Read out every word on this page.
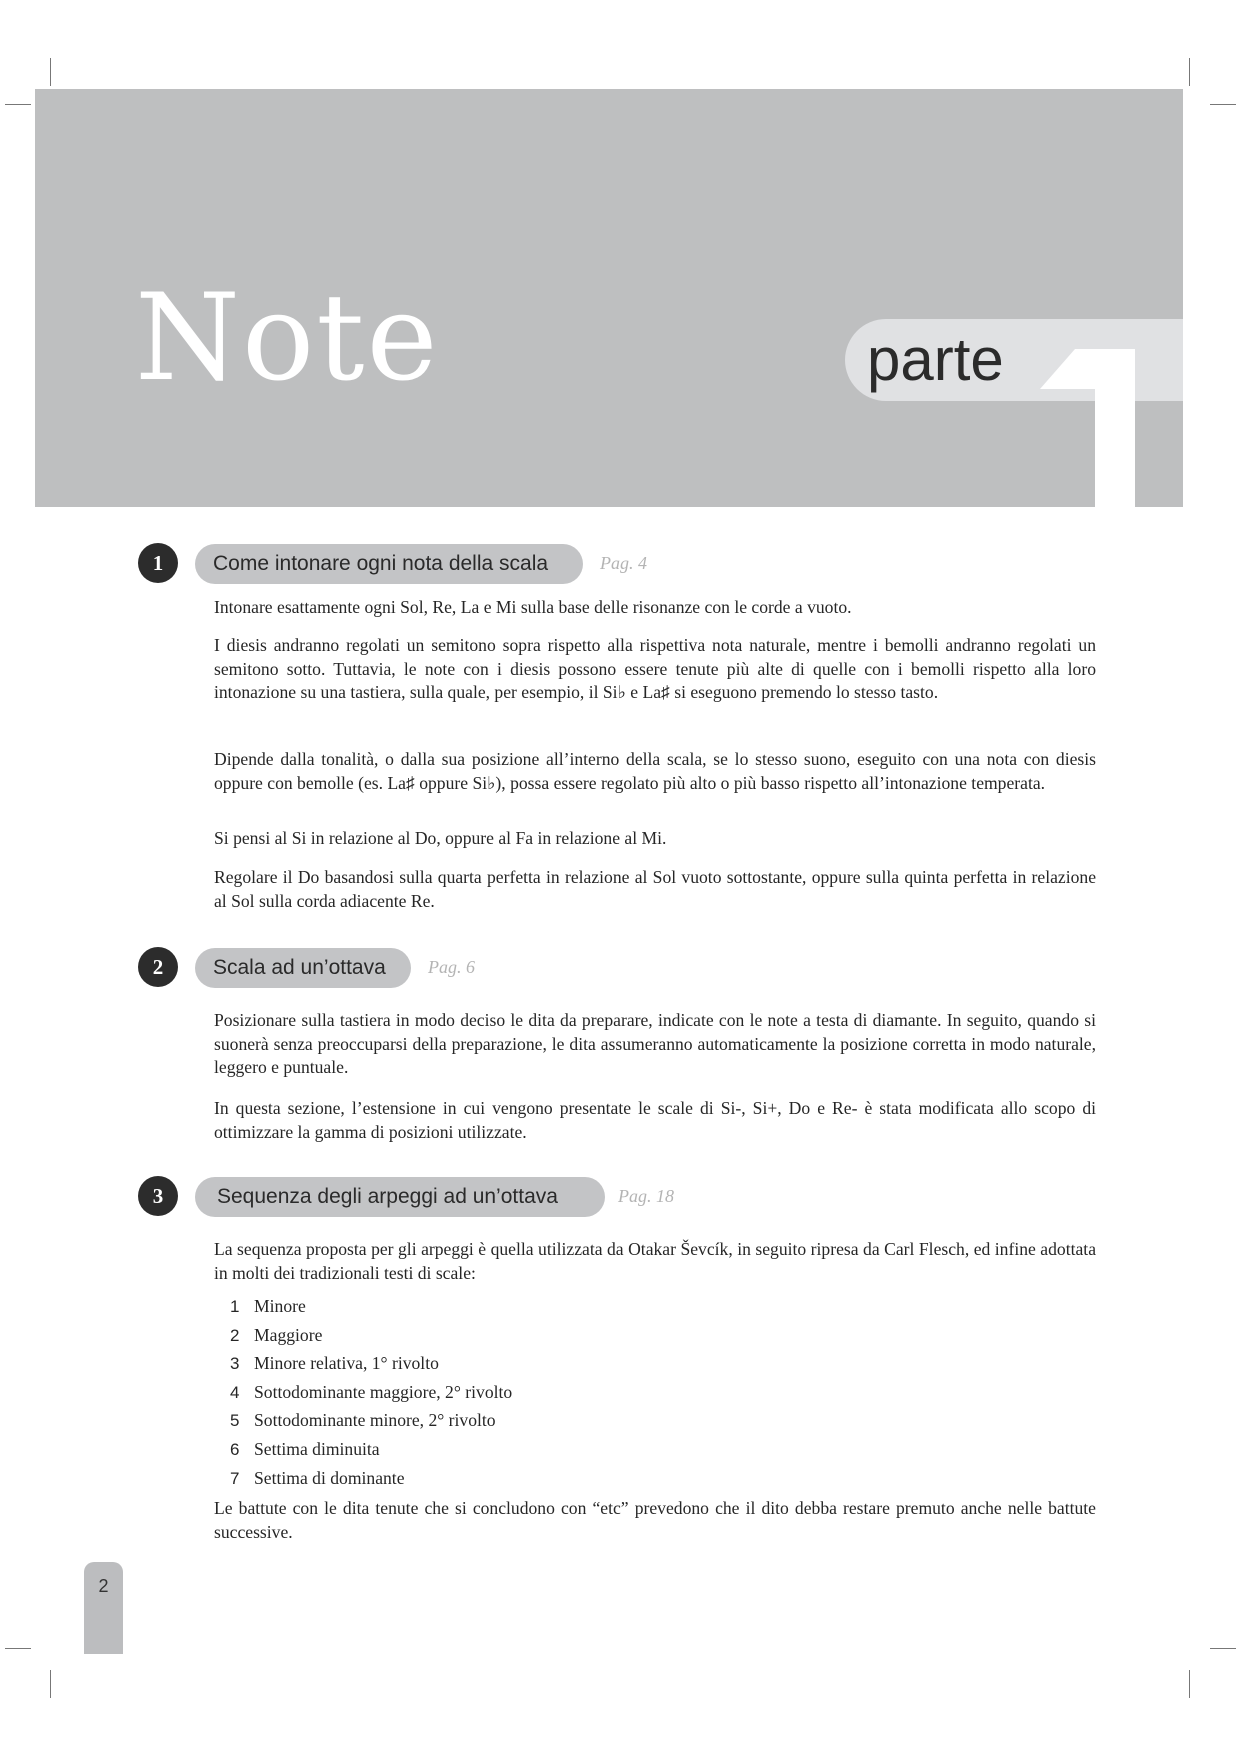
Note	parte
1	Come intonare ogni nota della scala	Pag. 4

Intonare esattamente ogni Sol, Re, La e Mi sulla base delle risonanze con le corde a vuoto.

I diesis andranno regolati un semitono sopra rispetto alla rispettiva nota naturale, mentre i bemolli andranno regolati un semitono sotto. Tuttavia, le note con i diesis possono essere tenute più alte di quelle con i bemolli rispetto alla loro intonazione su una tastiera, sulla quale, per esempio, il Si♭ e La♯ si eseguono premendo lo stesso tasto.

Dipende dalla tonalità, o dalla sua posizione all’interno della scala, se lo stesso suono, eseguito con una nota con diesis oppure con bemolle (es. La♯ oppure Si♭), possa essere regolato più alto o più basso rispetto all’intonazione temperata.

Si pensi al Si in relazione al Do, oppure al Fa in relazione al Mi.

Regolare il Do basandosi sulla quarta perfetta in relazione al Sol vuoto sottostante, oppure sulla quinta perfetta in relazione al Sol sulla corda adiacente Re.

2	Scala ad un’ottava	Pag. 6

Posizionare sulla tastiera in modo deciso le dita da preparare, indicate con le note a testa di diamante. In seguito, quando si suonerà senza preoccuparsi della preparazione, le dita assumeranno automaticamente la posizione corretta in modo naturale, leggero e puntuale.

In questa sezione, l’estensione in cui vengono presentate le scale di Si-, Si+, Do e Re- è stata modificata allo scopo di ottimizzare la gamma di posizioni utilizzate.

3	Sequenza degli arpeggi ad un’ottava	Pag. 18

La sequenza proposta per gli arpeggi è quella utilizzata da Otakar Ševcík, in seguito ripresa da Carl Flesch, ed infine adottata in molti dei tradizionali testi di scale:

1 Minore
2 Maggiore
3 Minore relativa, 1° rivolto
4 Sottodominante maggiore, 2° rivolto
5 Sottodominante minore, 2° rivolto
6 Settima diminuita
7 Settima di dominante

Le battute con le dita tenute che si concludono con “etc” prevedono che il dito debba restare premuto anche nelle battute successive.

2
